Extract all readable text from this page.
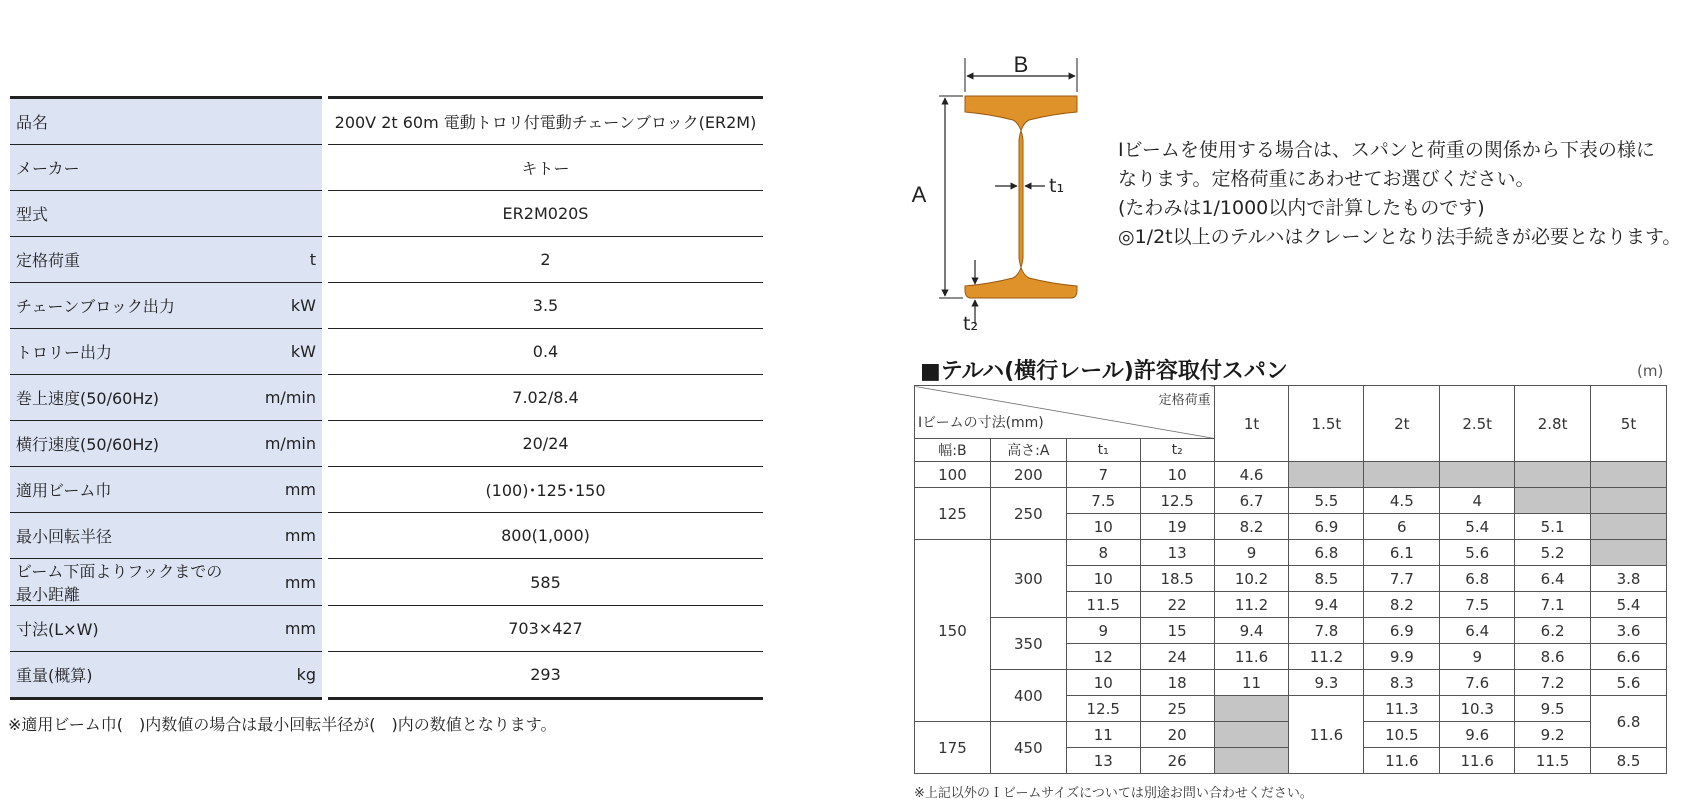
品名		200V 2t 60m 電動トロリ付電動チェーンブロック(ER2M)
メーカー		キトー
型式		ER2M020S
定格荷重	t	2
チェーンブロック出力	kW	3.5
トロリー出力	kW	0.4
巻上速度(50/60Hz)	m/min	7.02/8.4
横行速度(50/60Hz)	m/min	20/24
適用ビーム巾	mm	(100)･125･150
最小回転半径	mm	800(1,000)
ビーム下面よりフックまでの最小距離	mm	585
寸法(L×W)	mm	703×427
重量(概算)	kg	293
※適用ビーム巾(　)内数値の場合は最小回転半径が(　)内の数値となります。
B
A	t₁
t₂
Iビームを使用する場合は、スパンと荷重の関係から下表の様に
なります。定格荷重にあわせてお選びください。
(たわみは1/1000以内で計算したものです)
◎1/2t以上のテルハはクレーンとなり法手続きが必要となります。
■テルハ(横行レール)許容取付スパン	(m)
定格荷重
Iビームの寸法(mm)				1t	1.5t	2t	2.5t	2.8t	5t
幅:B	高さ:A	t₁	t₂						
100	200	7	10	4.6					
125	250	7.5	12.5	6.7	5.5	4.5	4		
		10	19	8.2	6.9	6	5.4	5.1	
150	300	8	13	9	6.8	6.1	5.6	5.2	
		10	18.5	10.2	8.5	7.7	6.8	6.4	3.8
		11.5	22	11.2	9.4	8.2	7.5	7.1	5.4
	350	9	15	9.4	7.8	6.9	6.4	6.2	3.6
		12	24	11.6	11.2	9.9	9	8.6	6.6
	400	10	18	11	9.3	8.3	7.6	7.2	5.6
		12.5	25		11.6	11.3	10.3	9.5	6.8
175	450	11	20			10.5	9.6	9.2	
		13	26			11.6	11.6	11.5	8.5
※上記以外のＩビームサイズについては別途お問い合わせください。
